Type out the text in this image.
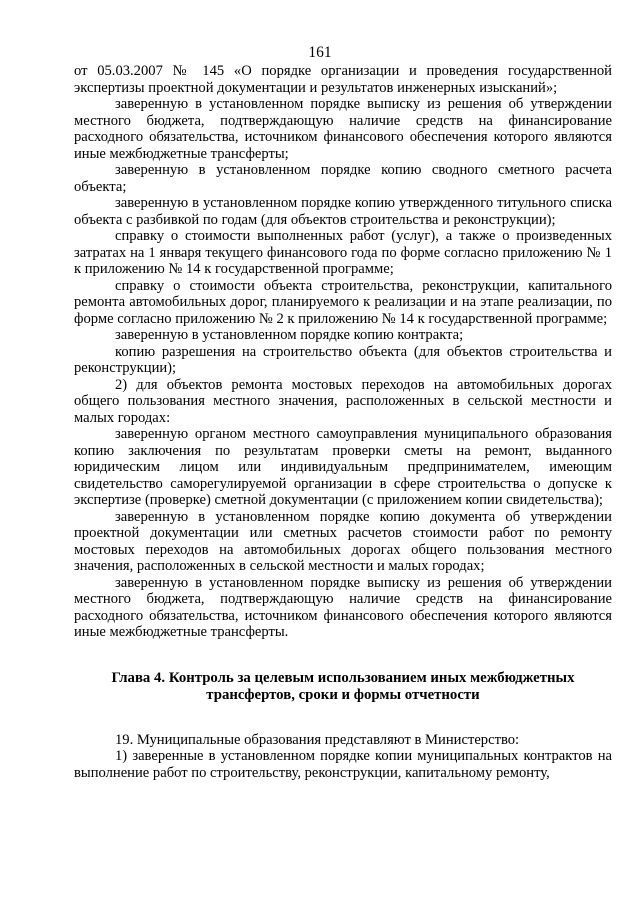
161

от 05.03.2007 № 145 «О порядке организации и проведения государственной экспертизы проектной документации и результатов инженерных изысканий»;

заверенную в установленном порядке выписку из решения об утверждении местного бюджета, подтверждающую наличие средств на финансирование расходного обязательства, источником финансового обеспечения которого являются иные межбюджетные трансферты;

заверенную в установленном порядке копию сводного сметного расчета объекта;

заверенную в установленном порядке копию утвержденного титульного списка объекта с разбивкой по годам (для объектов строительства и реконструкции);

справку о стоимости выполненных работ (услуг), а также о произведенных затратах на 1 января текущего финансового года по форме согласно приложению № 1 к приложению № 14 к государственной программе;

справку о стоимости объекта строительства, реконструкции, капитального ремонта автомобильных дорог, планируемого к реализации и на этапе реализации, по форме согласно приложению № 2 к приложению № 14 к государственной программе;

заверенную в установленном порядке копию контракта;

копию разрешения на строительство объекта (для объектов строительства и реконструкции);

2) для объектов ремонта мостовых переходов на автомобильных дорогах общего пользования местного значения, расположенных в сельской местности и малых городах:

заверенную органом местного самоуправления муниципального образования копию заключения по результатам проверки сметы на ремонт, выданного юридическим лицом или индивидуальным предпринимателем, имеющим свидетельство саморегулируемой организации в сфере строительства о допуске к экспертизе (проверке) сметной документации (с приложением копии свидетельства);

заверенную в установленном порядке копию документа об утверждении проектной документации или сметных расчетов стоимости работ по ремонту мостовых переходов на автомобильных дорогах общего пользования местного значения, расположенных в сельской местности и малых городах;

заверенную в установленном порядке выписку из решения об утверждении местного бюджета, подтверждающую наличие средств на финансирование расходного обязательства, источником финансового обеспечения которого являются иные межбюджетные трансферты.

Глава 4. Контроль за целевым использованием иных межбюджетных
трансфертов, сроки и формы отчетности

19. Муниципальные образования представляют в Министерство:

1) заверенные в установленном порядке копии муниципальных контрактов на выполнение работ по строительству, реконструкции, капитальному ремонту,
